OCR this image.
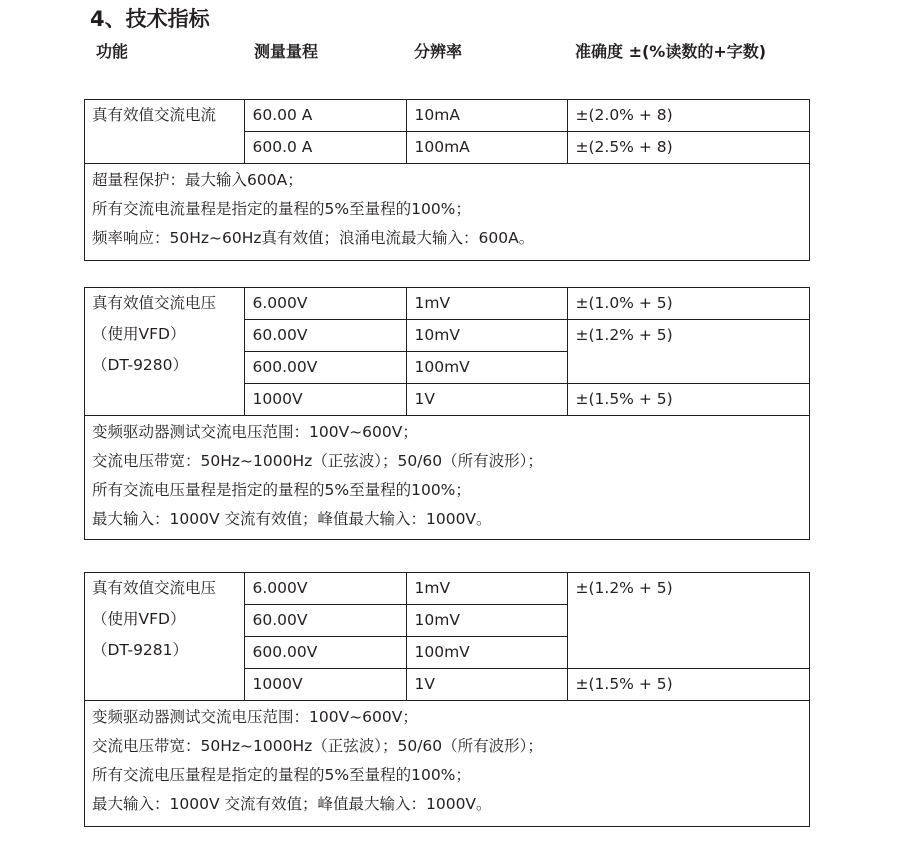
4、技术指标
功能	测量量程	分辨率	准确度 ±(%读数的+字数)
真有效值交流电流	60.00 A	10mA	±(2.0% + 8)
	600.0 A	100mA	±(2.5% + 8)
超量程保护：最大输入600A；
所有交流电流量程是指定的量程的5%至量程的100%；
频率响应：50Hz~60Hz真有效值；浪涌电流最大输入：600A。
真有效值交流电压
（使用VFD）
（DT-9280）	6.000V	1mV	±(1.0% + 5)
	60.00V	10mV	±(1.2% + 5)
	600.00V	100mV	
	1000V	1V	±(1.5% + 5)
变频驱动器测试交流电压范围：100V~600V；
交流电压带宽：50Hz~1000Hz（正弦波）；50/60（所有波形）；
所有交流电压量程是指定的量程的5%至量程的100%；
最大输入：1000V 交流有效值；峰值最大输入：1000V。
真有效值交流电压
（使用VFD）
（DT-9281）	6.000V	1mV	±(1.2% + 5)
	60.00V	10mV	
	600.00V	100mV	
	1000V	1V	±(1.5% + 5)
变频驱动器测试交流电压范围：100V~600V；
交流电压带宽：50Hz~1000Hz（正弦波）；50/60（所有波形）；
所有交流电压量程是指定的量程的5%至量程的100%；
最大输入：1000V 交流有效值；峰值最大输入：1000V。
